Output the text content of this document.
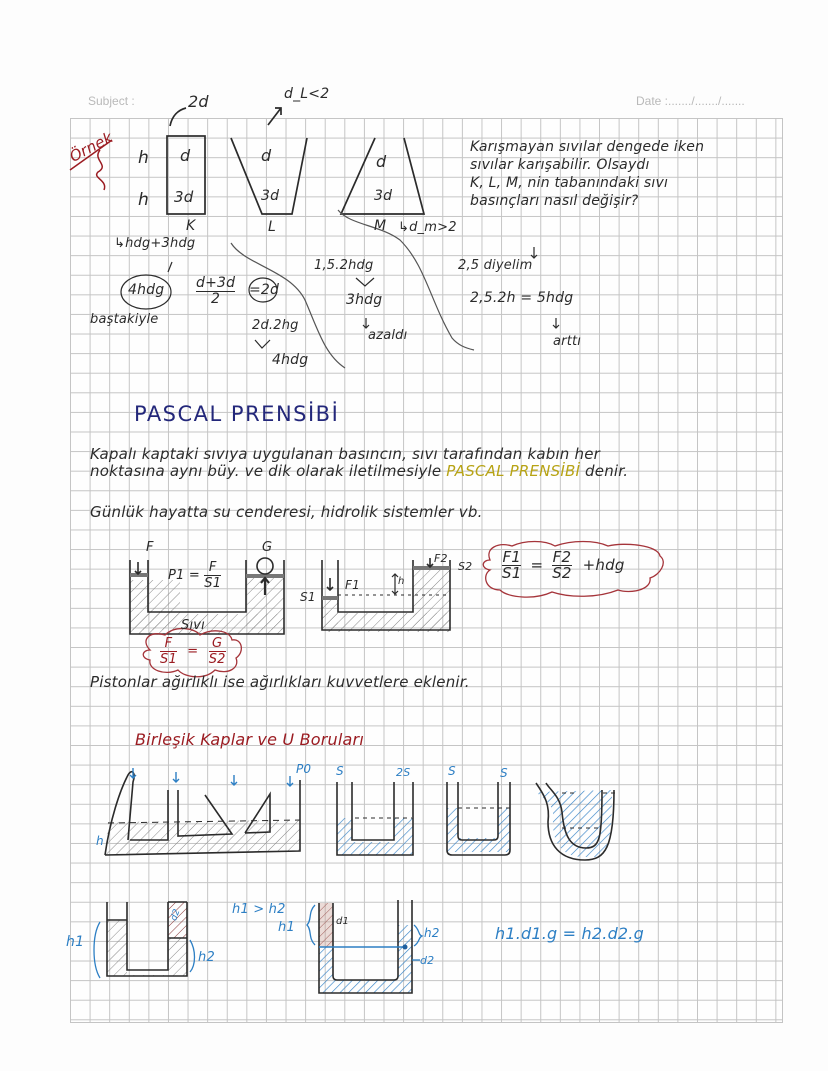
Subject :	Date :......./......./.......
Örnek
2d	d_L<2
h
h
d
3d
K
d
3d
L
d
3d
M ↳d_m>2
Karışmayan sıvılar dengede iken
sıvılar karışabilir. Olsaydı
K, L, M, nin tabanındaki sıvı
basınçları nasıl değişir?
↳hdg+3hdg
4hdg
baştakiyle
$\frac{d+3d}{2} =2d$
2d.2hg
4hdg
1,5.2hdg
3hdg
azaldı
2,5 diyelim
2,5.2h = 5hdg
arttı
PASCAL PRENSİBİ
Kapalı kaptaki sıvıya uygulanan basıncın, sıvı tarafından kabın her
noktasına aynı büy. ve dik olarak iletilmesiyle PASCAL PRENSİBİ denir.
Günlük hayatta su cenderesi, hidrolik sistemler vb.
F	G
$P1 = \frac{F}{S1}$
Sıvı
$\frac{F}{S1} = \frac{G}{S2}$
F1
F2
S1
S2
h
$\frac{F1}{S1} = \frac{F2}{S2} +hdg$
Pistonlar ağırlıklı ise ağırlıkları kuvvetlere eklenir.
Birleşik Kaplar ve U Boruları
P0
h
S	2S	S	S
h1
h2
d2	h1 > h2
h1	d1
h2
d2
h1.d1.g = h2.d2.g
